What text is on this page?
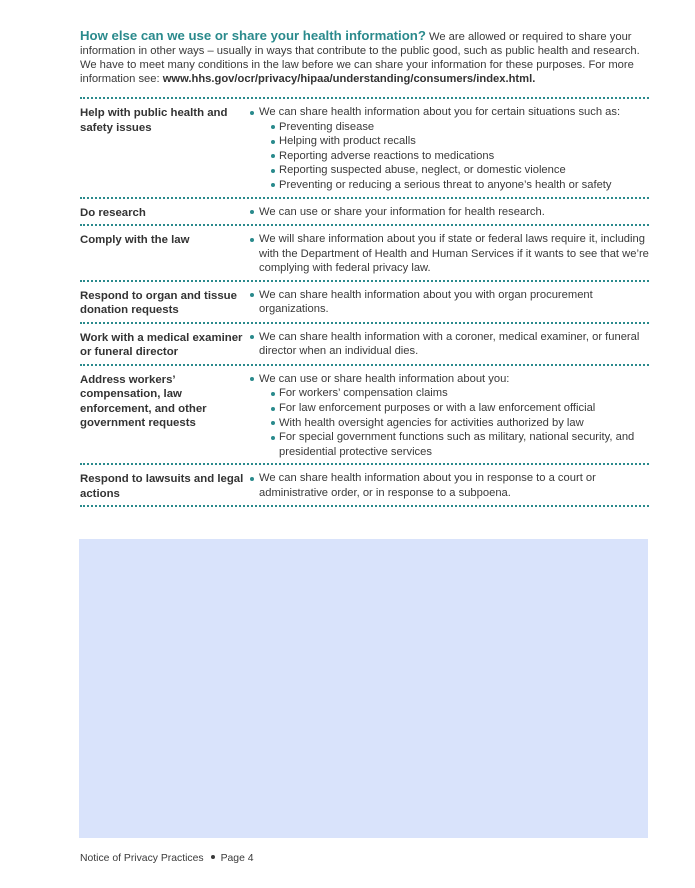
How else can we use or share your health information? We are allowed or required to share your information in other ways – usually in ways that contribute to the public good, such as public health and research. We have to meet many conditions in the law before we can share your information for these purposes. For more information see: www.hhs.gov/ocr/privacy/hipaa/understanding/consumers/index.html.
Help with public health and safety issues
We can share health information about you for certain situations such as:
Preventing disease
Helping with product recalls
Reporting adverse reactions to medications
Reporting suspected abuse, neglect, or domestic violence
Preventing or reducing a serious threat to anyone’s health or safety
Do research	We can use or share your information for health research.
Comply with the law	We will share information about you if state or federal laws require it, including with the Department of Health and Human Services if it wants to see that we’re complying with federal privacy law.
Respond to organ and tissue donation requests
We can share health information about you with organ procurement organizations.
Work with a medical examiner or funeral director
We can share health information with a coroner, medical examiner, or funeral director when an individual dies.
Address workers’ compensation, law enforcement, and other government requests
We can use or share health information about you:
For workers’ compensation claims
For law enforcement purposes or with a law enforcement official
With health oversight agencies for activities authorized by law
For special government functions such as military, national security, and presidential protective services
Respond to lawsuits and legal actions
We can share health information about you in response to a court or administrative order, or in response to a subpoena.
Notice of Privacy Practices Page 4
